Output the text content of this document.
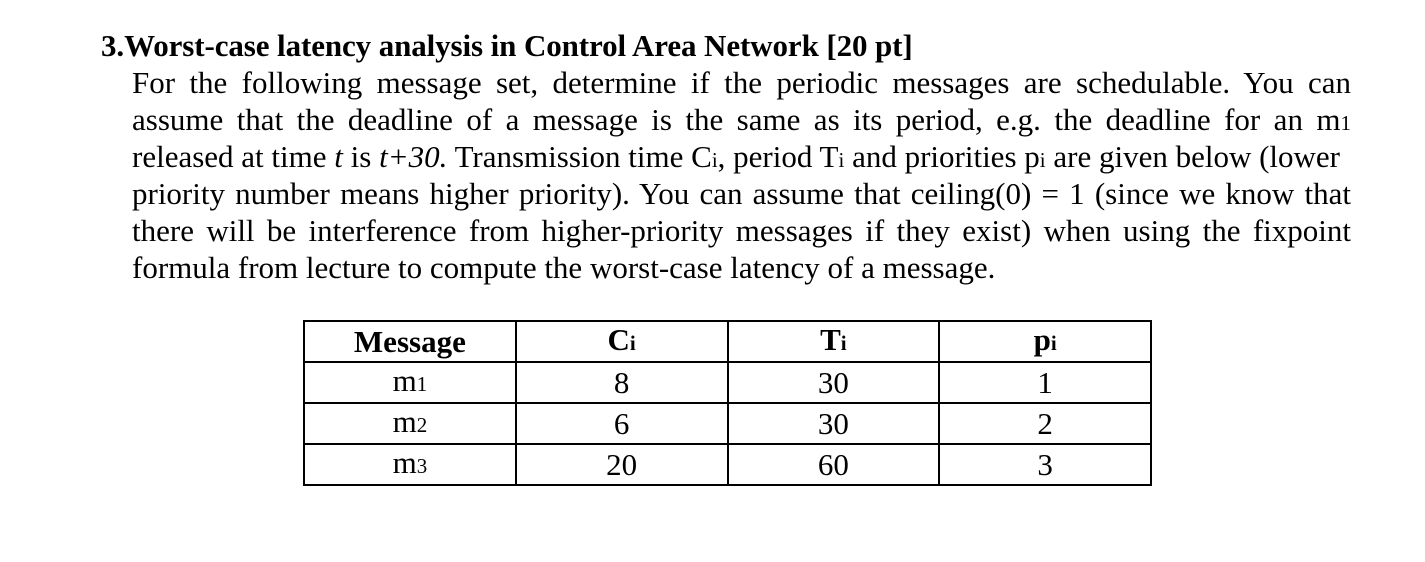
3.Worst-case latency analysis in Control Area Network [20 pt]
For the following message set, determine if the periodic messages are schedulable. You can
assume that the deadline of a message is the same as its period, e.g. the deadline for an m1
released at time t is t+30. Transmission time Ci, period Ti and priorities pi are given below (lower
priority number means higher priority). You can assume that ceiling(0) = 1 (since we know that
there will be interference from higher-priority messages if they exist) when using the fixpoint
formula from lecture to compute the worst-case latency of a message.
Message	Ci	Ti	pi
m1	8	30	1
m2	6	30	2
m3	20	60	3
